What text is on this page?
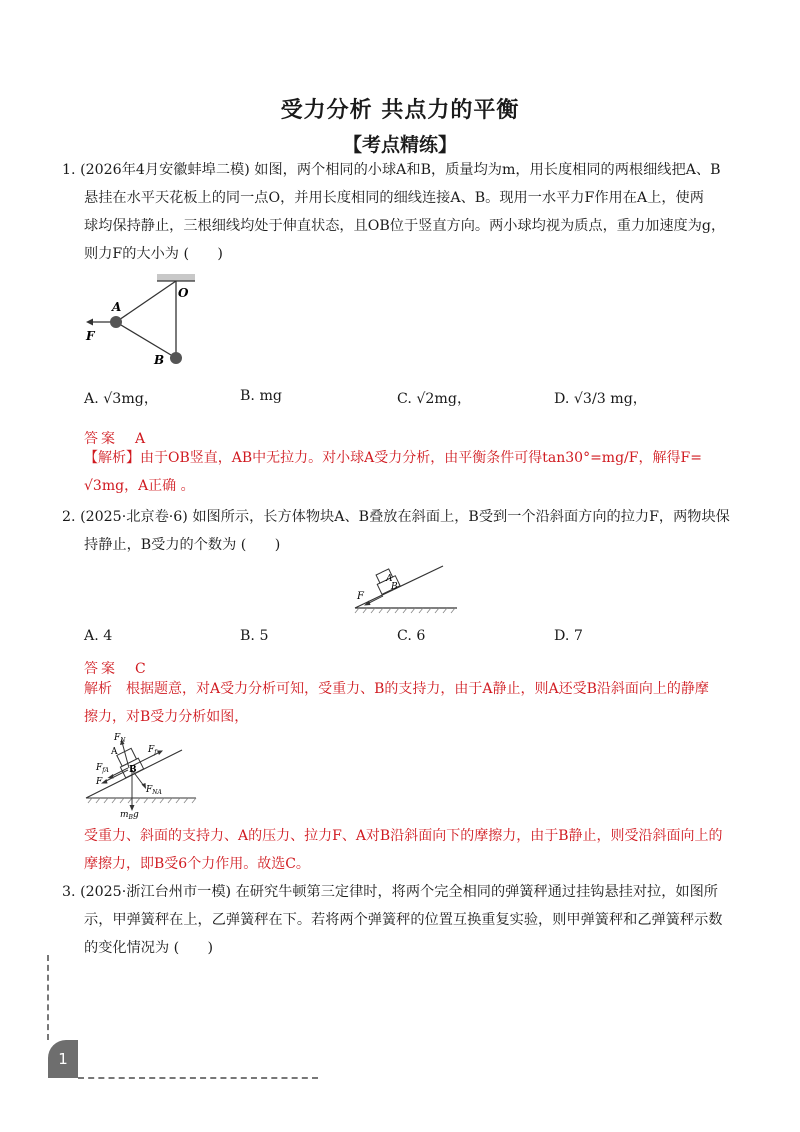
受力分析 共点力的平衡
【考点精练】
1. (2026年4月安徽蚌埠二模) 如图，两个相同的小球A和B，质量均为m，用长度相同的两根细线把A、B
悬挂在水平天花板上的同一点O，并用长度相同的细线连接A、B。现用一水平力F作用在A上，使两
球均保持静止，三根细线均处于伸直状态，且OB位于竖直方向。两小球均视为质点，重力加速度为g，
则力F的大小为 (　　)
O
A
B
F
A. √3mg，	B. mg	C. √2mg，	D. √3/3 mg，
答案　A
【解析】由于OB竖直，AB中无拉力。对小球A受力分析，由平衡条件可得tan30°=mg/F，解得F=
√3mg，A正确 。
2. (2025·北京卷·6) 如图所示，长方体物块A、B叠放在斜面上，B受到一个沿斜面方向的拉力F，两物块保
持静止，B受力的个数为 (　　)
A
B
F
A. 4	B. 5	C. 6	D. 7
答案　C
解析　根据题意，对A受力分析可知，受重力、B的支持力，由于A静止，则A还受B沿斜面向上的静摩
擦力，对B受力分析如图，
$F_N$
A	$F_f$
$F_{fA}$ B
F
$F_{NA}$
$m_Bg$
受重力、斜面的支持力、A的压力、拉力F、A对B沿斜面向下的摩擦力，由于B静止，则受沿斜面向上的
摩擦力，即B受6个力作用。故选C。
3. (2025·浙江台州市一模) 在研究牛顿第三定律时，将两个完全相同的弹簧秤通过挂钩悬挂对拉，如图所
示，甲弹簧秤在上，乙弹簧秤在下。若将两个弹簧秤的位置互换重复实验，则甲弹簧秤和乙弹簧秤示数
的变化情况为 (　　)
1
